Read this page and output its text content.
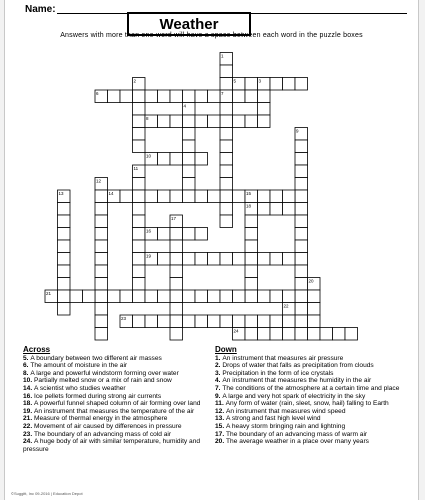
Name:
Weather
Answers with more than one word will have a space between each word in the puzzle boxes
1
7
2	3
4
5
6
8
9
10
11
12
13	14	15
18
16
17
19
20
21
22
23
24
Across

5. A boundary between two different air masses

6. The amount of moisture in the air

8. A large and powerful windstorm forming over water

10. Partially melted snow or a mix of rain and snow

14. A scientist who studies weather

16. Ice pellets formed during strong air currents

18. A powerful funnel shaped column of air forming over land

19. An instrument that measures the temperature of the air

21. Measure of thermal energy in the atmosphere

22. Movement of air caused by differences in pressure

23. The boundary of an advancing mass of cold air

24. A huge body of air with similar temperature, humidity and pressure

Down

1. An instrument that measures air pressure

2. Drops of water that falls as precipitation from clouds

3. Precipitation in the form of ice crystals

4. An instrument that measures the humidity in the air

7. The conditions of the atmosphere at a certain time and place

9. A large and very hot spark of electricity in the sky

11. Any form of water (rain, sleet, snow, hail) falling to Earth

12. An instrument that measures wind speed

13. A strong and fast high level wind

15. A heavy storm bringing rain and lightning

17. The boundary of an advancing mass of warm air

20. The average weather in a place over many years

©Suggitt, Inc 09-2016 | Education Depot
